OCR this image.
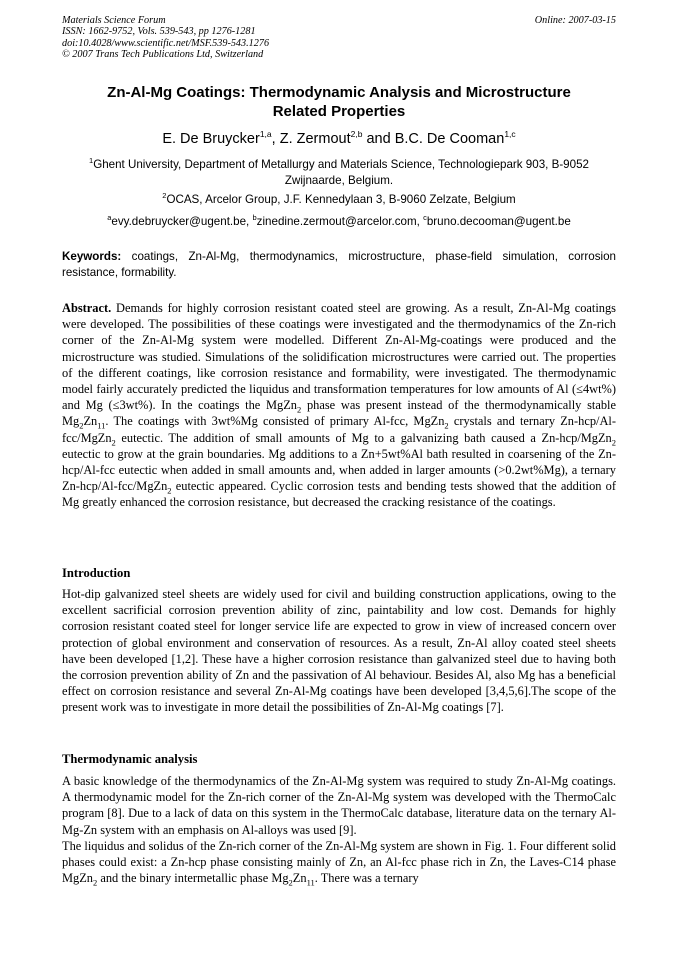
Materials Science Forum
ISSN: 1662-9752, Vols. 539-543, pp 1276-1281
doi:10.4028/www.scientific.net/MSF.539-543.1276
© 2007 Trans Tech Publications Ltd, Switzerland
Online: 2007-03-15
Zn-Al-Mg Coatings: Thermodynamic Analysis and Microstructure
Related Properties
E. De Bruycker$^{1,a}$, Z. Zermout$^{2,b}$ and B.C. De Cooman$^{1,c}$
$^1$Ghent University, Department of Metallurgy and Materials Science, Technologiepark 903, B-9052
Zwijnaarde, Belgium.
$^2$OCAS, Arcelor Group, J.F. Kennedylaan 3, B-9060 Zelzate, Belgium
$^a$evy.debruycker@ugent.be, $^b$zinedine.zermout@arcelor.com, $^c$bruno.decooman@ugent.be
Keywords: coatings, Zn-Al-Mg, thermodynamics, microstructure, phase-field simulation, corrosion resistance, formability.

Abstract. Demands for highly corrosion resistant coated steel are growing. As a result, Zn-Al-Mg coatings were developed. The possibilities of these coatings were investigated and the thermodynamics of the Zn-rich corner of the Zn-Al-Mg system were modelled. Different Zn-Al-Mg-coatings were produced and the microstructure was studied. Simulations of the solidification microstructures were carried out. The properties of the different coatings, like corrosion resistance and formability, were investigated. The thermodynamic model fairly accurately predicted the liquidus and transformation temperatures for low amounts of Al (≤4wt%) and Mg (≤3wt%). In the coatings the MgZn$_2$ phase was present instead of the thermodynamically stable $Mg_2Zn_{11}$. The coatings with 3wt%Mg consisted of primary Al-fcc, MgZn$_2$ crystals and ternary Zn-hcp/Al-fcc/MgZn$_2$ eutectic. The addition of small amounts of Mg to a galvanizing bath caused a Zn-hcp/MgZn$_2$ eutectic to grow at the grain boundaries. Mg additions to a Zn+5wt%Al bath resulted in coarsening of the Zn-hcp/Al-fcc eutectic when added in small amounts and, when added in larger amounts (>0.2wt%Mg), a ternary Zn-hcp/Al-fcc/MgZn$_2$ eutectic appeared. Cyclic corrosion tests and bending tests showed that the addition of Mg greatly enhanced the corrosion resistance, but decreased the cracking resistance of the coatings.

Introduction

Hot-dip galvanized steel sheets are widely used for civil and building construction applications, owing to the excellent sacrificial corrosion prevention ability of zinc, paintability and low cost. Demands for highly corrosion resistant coated steel for longer service life are expected to grow in view of increased concern over protection of global environment and conservation of resources. As a result, Zn-Al alloy coated steel sheets have been developed [1,2]. These have a higher corrosion resistance than galvanized steel due to having both the corrosion prevention ability of Zn and the passivation of Al behaviour. Besides Al, also Mg has a beneficial effect on corrosion resistance and several Zn-Al-Mg coatings have been developed [3,4,5,6].The scope of the present work was to investigate in more detail the possibilities of Zn-Al-Mg coatings [7].

Thermodynamic analysis

A basic knowledge of the thermodynamics of the Zn-Al-Mg system was required to study Zn-Al-Mg coatings. A thermodynamic model for the Zn-rich corner of the Zn-Al-Mg system was developed with the ThermoCalc program [8]. Due to a lack of data on this system in the ThermoCalc database, literature data on the ternary Al-Mg-Zn system with an emphasis on Al-alloys was used [9].

The liquidus and solidus of the Zn-rich corner of the Zn-Al-Mg system are shown in Fig. 1. Four different solid phases could exist: a Zn-hcp phase consisting mainly of Zn, an Al-fcc phase rich in Zn, the Laves-C14 phase MgZn$_2$ and the binary intermetallic phase $Mg_2Zn_{11}$. There was a ternary
